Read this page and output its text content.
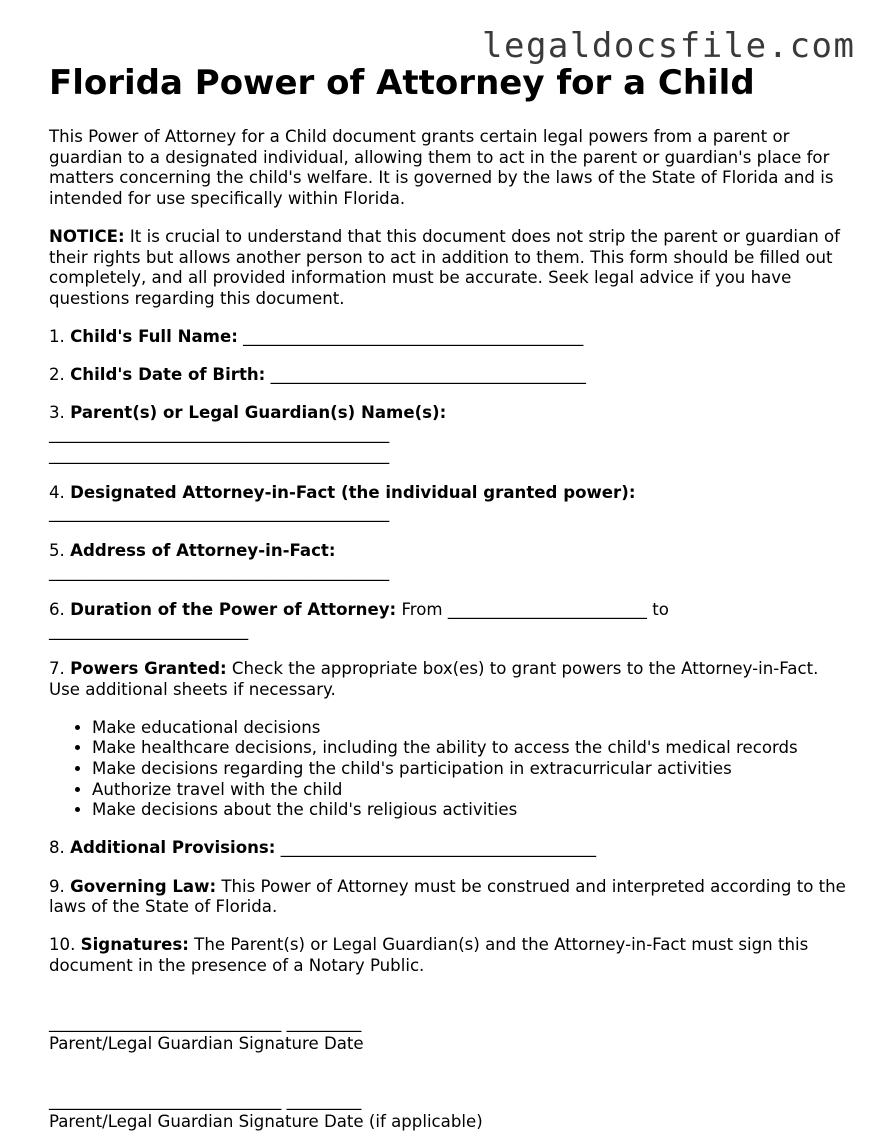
legaldocsfile.com
Florida Power of Attorney for a Child

This Power of Attorney for a Child document grants certain legal powers from a parent or guardian to a designated individual, allowing them to act in the parent or guardian's place for matters concerning the child's welfare. It is governed by the laws of the State of Florida and is intended for use specifically within Florida.

NOTICE: It is crucial to understand that this document does not strip the parent or guardian of their rights but allows another person to act in addition to them. This form should be filled out completely, and all provided information must be accurate. Seek legal advice if you have questions regarding this document.

1. Child's Full Name: _________________________________________

2. Child's Date of Birth: ______________________________________

3. Parent(s) or Legal Guardian(s) Name(s):

_________________________________________

_________________________________________

4. Designated Attorney-in-Fact (the individual granted power):

_________________________________________

5. Address of Attorney-in-Fact:

_________________________________________

6. Duration of the Power of Attorney: From ________________________ to ________________________

7. Powers Granted: Check the appropriate box(es) to grant powers to the Attorney-in-Fact. Use additional sheets if necessary.

• Make educational decisions
• Make healthcare decisions, including the ability to access the child's medical records
• Make decisions regarding the child's participation in extracurricular activities
• Authorize travel with the child
• Make decisions about the child's religious activities

8. Additional Provisions: ______________________________________

9. Governing Law: This Power of Attorney must be construed and interpreted according to the laws of the State of Florida.

10. Signatures: The Parent(s) or Legal Guardian(s) and the Attorney-in-Fact must sign this document in the presence of a Notary Public.

____________________________ _________

Parent/Legal Guardian Signature Date

____________________________ _________

Parent/Legal Guardian Signature Date (if applicable)
